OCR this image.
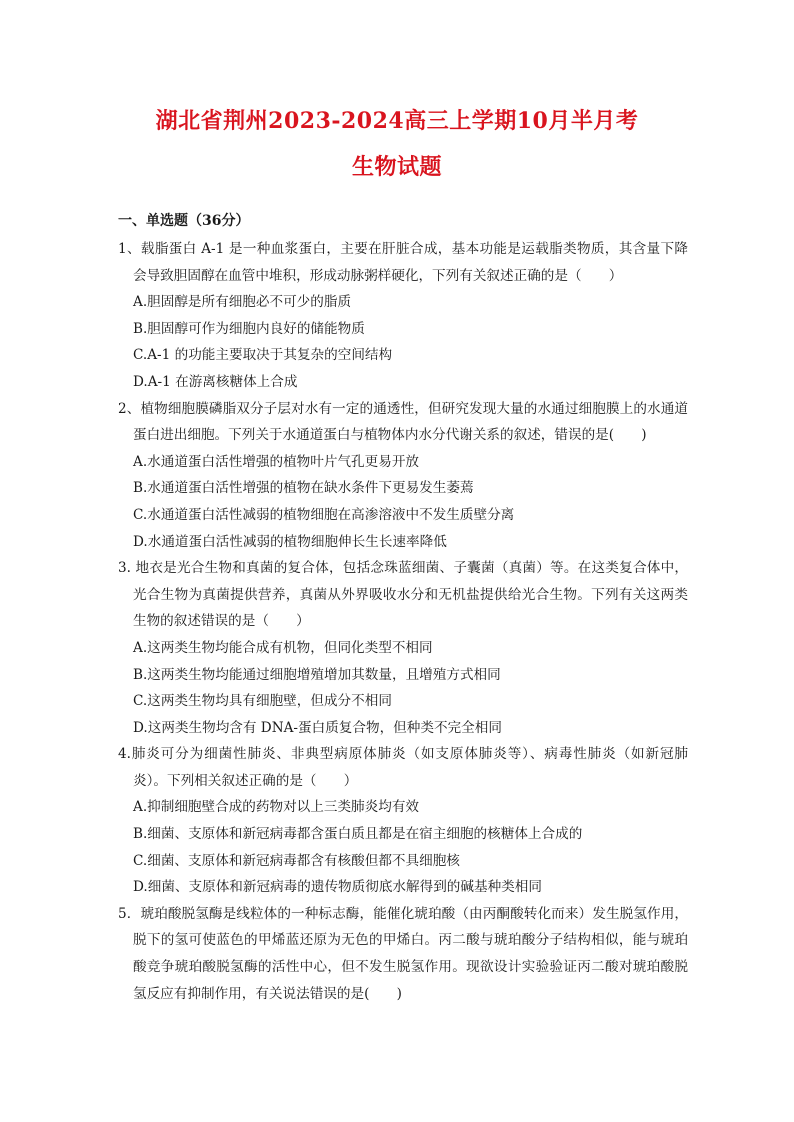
湖北省荆州2023-2024高三上学期10月半月考
生物试题
一、单选题（36分）

1、载脂蛋白 A-1 是一种血浆蛋白，主要在肝脏合成，基本功能是运载脂类物质，其含量下降会导致胆固醇在血管中堆积，形成动脉粥样硬化，下列有关叙述正确的是（　　）

A.胆固醇是所有细胞必不可少的脂质

B.胆固醇可作为细胞内良好的储能物质

C.A-1 的功能主要取决于其复杂的空间结构

D.A-1 在游离核糖体上合成

2、植物细胞膜磷脂双分子层对水有一定的通透性，但研究发现大量的水通过细胞膜上的水通道蛋白进出细胞。下列关于水通道蛋白与植物体内水分代谢关系的叙述，错误的是(　　)

A.水通道蛋白活性增强的植物叶片气孔更易开放

B.水通道蛋白活性增强的植物在缺水条件下更易发生萎蔫

C.水通道蛋白活性减弱的植物细胞在高渗溶液中不发生质壁分离

D.水通道蛋白活性减弱的植物细胞伸长生长速率降低

3. 地衣是光合生物和真菌的复合体，包括念珠蓝细菌、子囊菌（真菌）等。在这类复合体中，光合生物为真菌提供营养，真菌从外界吸收水分和无机盐提供给光合生物。下列有关这两类生物的叙述错误的是（　　）

A.这两类生物均能合成有机物，但同化类型不相同

B.这两类生物均能通过细胞增殖增加其数量，且增殖方式相同

C.这两类生物均具有细胞壁，但成分不相同

D.这两类生物均含有 DNA-蛋白质复合物，但种类不完全相同

4.肺炎可分为细菌性肺炎、非典型病原体肺炎（如支原体肺炎等）、病毒性肺炎（如新冠肺炎）。下列相关叙述正确的是（　　）

A.抑制细胞壁合成的药物对以上三类肺炎均有效

B.细菌、支原体和新冠病毒都含蛋白质且都是在宿主细胞的核糖体上合成的

C.细菌、支原体和新冠病毒都含有核酸但都不具细胞核

D.细菌、支原体和新冠病毒的遗传物质彻底水解得到的碱基种类相同

5．琥珀酸脱氢酶是线粒体的一种标志酶，能催化琥珀酸（由丙酮酸转化而来）发生脱氢作用，脱下的氢可使蓝色的甲烯蓝还原为无色的甲烯白。丙二酸与琥珀酸分子结构相似，能与琥珀酸竞争琥珀酸脱氢酶的活性中心，但不发生脱氢作用。现欲设计实验验证丙二酸对琥珀酸脱氢反应有抑制作用，有关说法错误的是(　　)
